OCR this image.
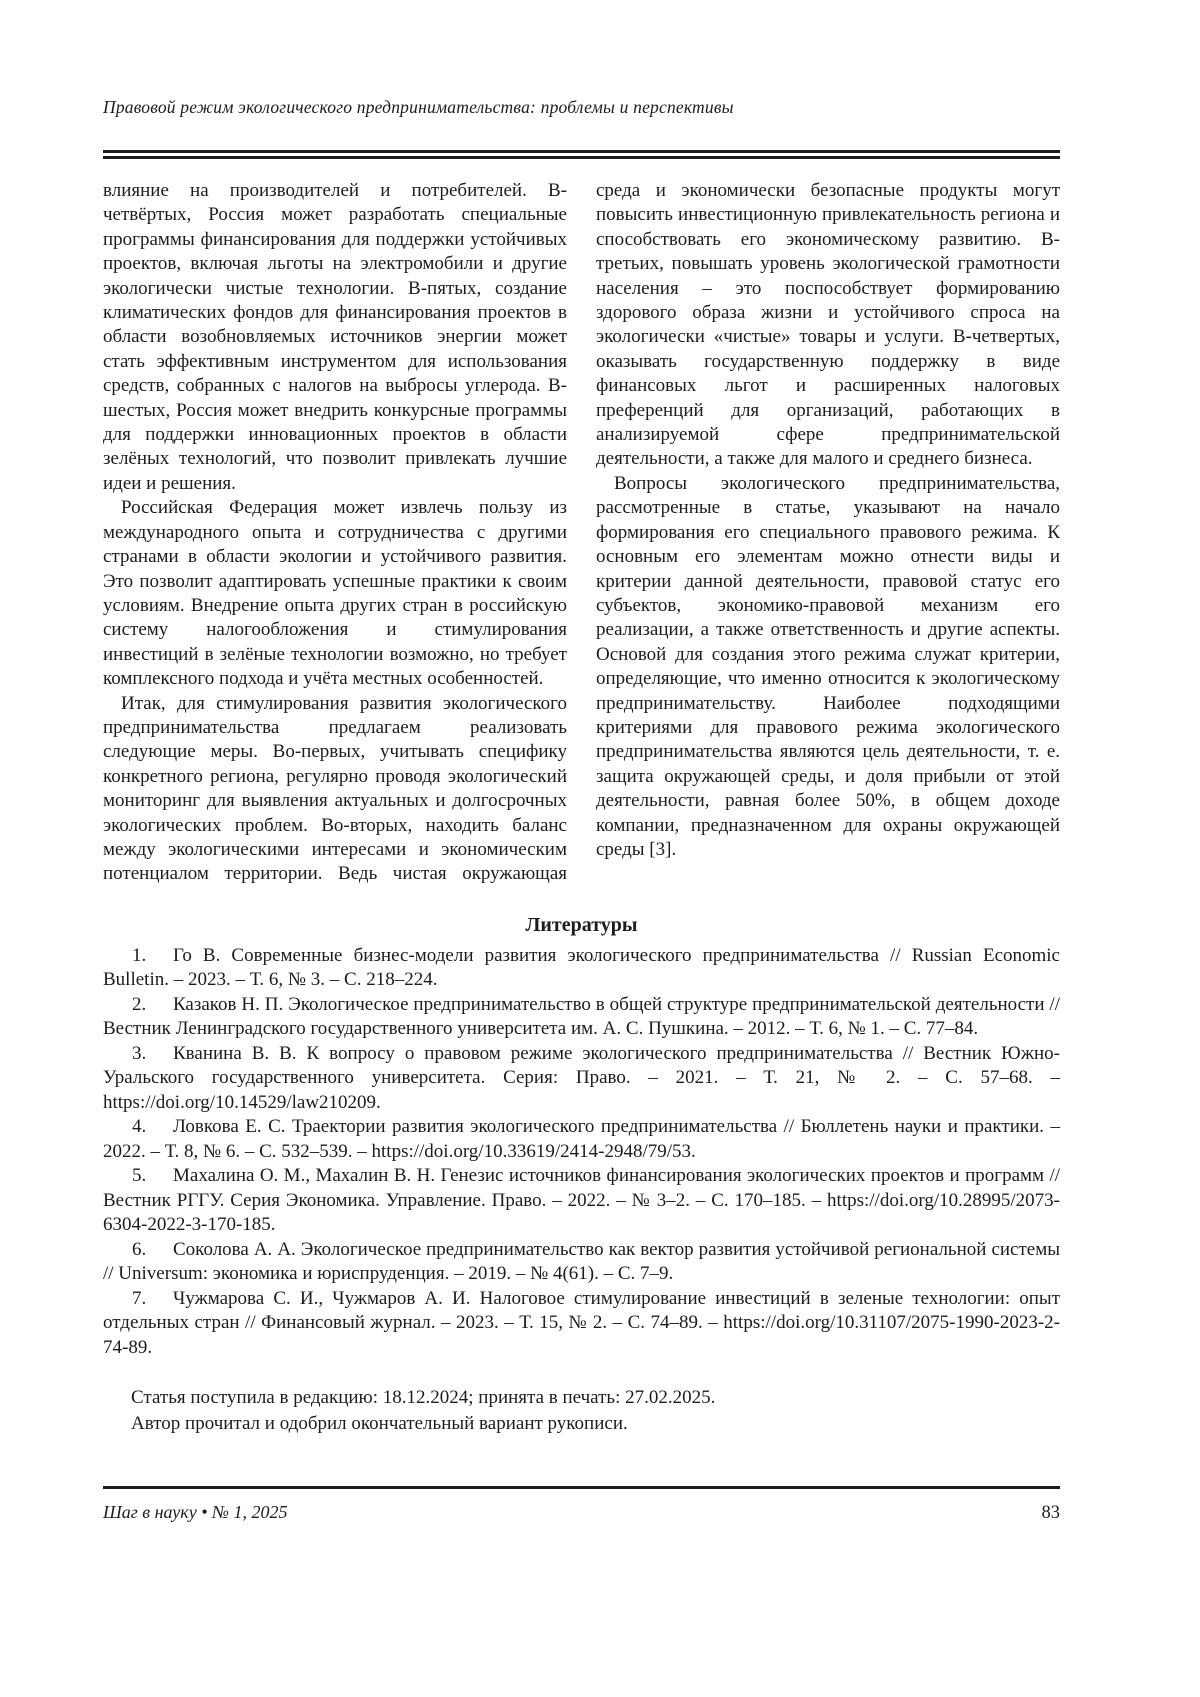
Правовой режим экологического предпринимательства: проблемы и перспективы

влияние на производителей и потребителей. В-четвёртых, Россия может разработать специальные программы финансирования для поддержки устойчивых проектов, включая льготы на электромобили и другие экологически чистые технологии. В-пятых, создание климатических фондов для финансирования проектов в области возобновляемых источников энергии может стать эффективным инструментом для использования средств, собранных с налогов на выбросы углерода. В-шестых, Россия может внедрить конкурсные программы для поддержки инновационных проектов в области зелёных технологий, что позволит привлекать лучшие идеи и решения.

Российская Федерация может извлечь пользу из международного опыта и сотрудничества с другими странами в области экологии и устойчивого развития. Это позволит адаптировать успешные практики к своим условиям. Внедрение опыта других стран в российскую систему налогообложения и стимулирования инвестиций в зелёные технологии возможно, но требует комплексного подхода и учёта местных особенностей.

Итак, для стимулирования развития экологического предпринимательства предлагаем реализовать следующие меры. Во-первых, учитывать специфику конкретного региона, регулярно проводя экологический мониторинг для выявления актуальных и долгосрочных экологических проблем. Во-вторых, находить баланс между экологическими интересами и экономическим потенциалом территории. Ведь чистая окружающая среда и экономически безопасные продукты могут повысить инвестиционную привлекательность региона и способствовать его экономическому развитию. В-третьих, повышать уровень экологической грамотности населения – это поспособствует формированию здорового образа жизни и устойчивого спроса на экологически «чистые» товары и услуги. В-четвертых, оказывать государственную поддержку в виде финансовых льгот и расширенных налоговых преференций для организаций, работающих в анализируемой сфере предпринимательской деятельности, а также для малого и среднего бизнеса.

Вопросы экологического предпринимательства, рассмотренные в статье, указывают на начало формирования его специального правового режима. К основным его элементам можно отнести виды и критерии данной деятельности, правовой статус его субъектов, экономико-правовой механизм его реализации, а также ответственность и другие аспекты. Основой для создания этого режима служат критерии, определяющие, что именно относится к экологическому предпринимательству. Наиболее подходящими критериями для правового режима экологического предпринимательства являются цель деятельности, т. е. защита окружающей среды, и доля прибыли от этой деятельности, равная более 50%, в общем доходе компании, предназначенном для охраны окружающей среды [3].

Литературы

1. Го В. Современные бизнес-модели развития экологического предпринимательства // Russian Economic Bulletin. – 2023. – Т. 6, № 3. – С. 218–224.

2. Казаков Н. П. Экологическое предпринимательство в общей структуре предпринимательской деятельности // Вестник Ленинградского государственного университета им. А. С. Пушкина. – 2012. – Т. 6, № 1. – С. 77–84.

3. Кванина В. В. К вопросу о правовом режиме экологического предпринимательства // Вестник Южно-Уральского государственного университета. Серия: Право. – 2021. – Т. 21, № 2. – С. 57–68. – https://doi.org/10.14529/law210209.

4. Ловкова Е. С. Траектории развития экологического предпринимательства // Бюллетень науки и практики. – 2022. – Т. 8, № 6. – С. 532–539. – https://doi.org/10.33619/2414-2948/79/53.

5. Махалина О. М., Махалин В. Н. Генезис источников финансирования экологических проектов и программ // Вестник РГГУ. Серия Экономика. Управление. Право. – 2022. – № 3–2. – С. 170–185. – https://doi.org/10.28995/2073-6304-2022-3-170-185.

6. Соколова А. А. Экологическое предпринимательство как вектор развития устойчивой региональной системы // Universum: экономика и юриспруденция. – 2019. – № 4(61). – С. 7–9.

7. Чужмарова С. И., Чужмаров А. И. Налоговое стимулирование инвестиций в зеленые технологии: опыт отдельных стран // Финансовый журнал. – 2023. – Т. 15, № 2. – С. 74–89. – https://doi.org/10.31107/2075-1990-2023-2-74-89.

Статья поступила в редакцию: 18.12.2024; принята в печать: 27.02.2025.

Автор прочитал и одобрил окончательный вариант рукописи.

Шаг в науку • № 1, 2025	83
